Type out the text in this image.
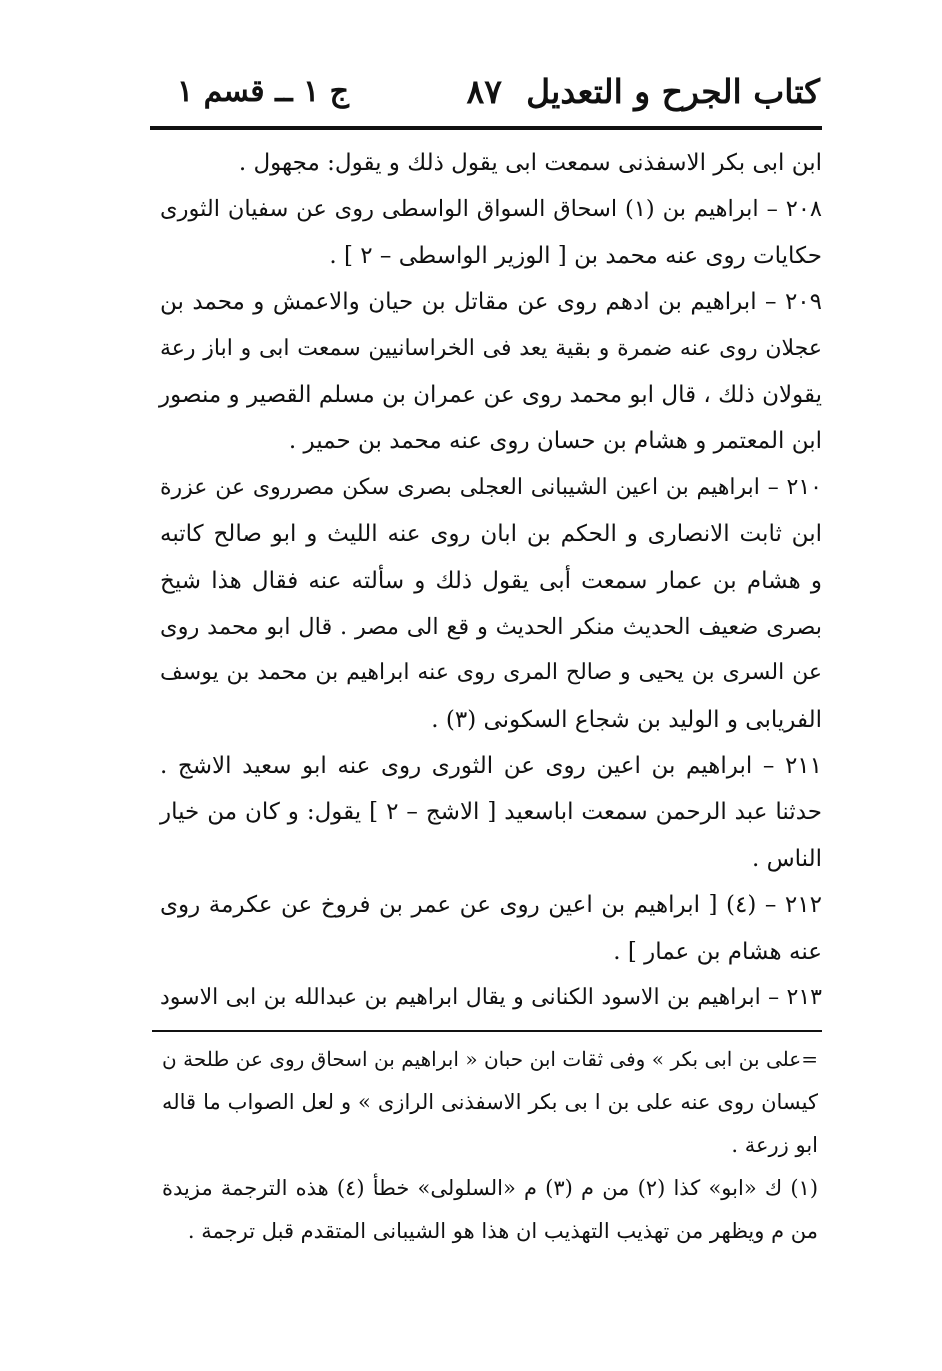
كتاب الجرح و التعديل
٨٧
ج ١ ــ قسم ١
ابن ابی بكر الاسفذنی سمعت ابی يقول ذلك و يقول: مجهول .
٢٠٨ – ابراهيم بن (١) اسحاق السواق الواسطی روی عن سفيان الثوری
حكايات روی عنه محمد بن [ الوزير الواسطی – ٢ ] .
٢٠٩ – ابراهيم بن ادهم روی عن مقاتل بن حيان والاعمش و محمد بن
عجلان روی عنه ضمرة و بقية يعد فی الخراسانيين سمعت ابی و اباز رعة
يقولان ذلك ، قال ابو محمد روی عن عمران بن مسلم القصير و منصور
ابن المعتمر و هشام بن حسان روی عنه محمد بن حمير .
٢١٠ – ابراهيم بن اعين الشيبانی العجلی بصری سكن مصرروی عن عزرة
ابن ثابت الانصاری و الحكم بن ابان روی عنه الليث و ابو صالح كاتبه
و هشام بن عمار سمعت أبی يقول ذلك و سألته عنه فقال هذا شيخ
بصری ضعيف الحديث منكر الحديث و قع الی مصر . قال ابو محمد روی
عن السری بن يحيی و صالح المری روی عنه ابراهيم بن محمد بن يوسف
الفريابی و الوليد بن شجاع السكونی (٣) .
٢١١ – ابراهيم بن اعين روی عن الثوری روی عنه ابو سعيد الاشج .
حدثنا عبد الرحمن سمعت اباسعيد [ الاشج – ٢ ] يقول: و كان من خيار
الناس .
٢١٢ – (٤) [ ابراهيم بن اعين روی عن عمر بن فروخ عن عكرمة روی
عنه هشام بن عمار ] .
٢١٣ – ابراهيم بن الاسود الكنانی و يقال ابراهيم بن عبدالله بن ابی الاسود
=علی بن ابی بكر » وفی ثقات ابن حبان « ابراهيم بن اسحاق روی عن طلحة ن
كيسان روی عنه علی بن ا بی بكر الاسفذنی الرازی » و لعل الصواب ما قاله
ابو زرعة .
(١) ك «ابو» كذا (٢) من م (٣) م «السلولی» خطأ (٤) هذه الترجمة مزيدة
من م ويظهر من تهذيب التهذيب ان هذا هو الشيبانی المتقدم قبل ترجمة .
